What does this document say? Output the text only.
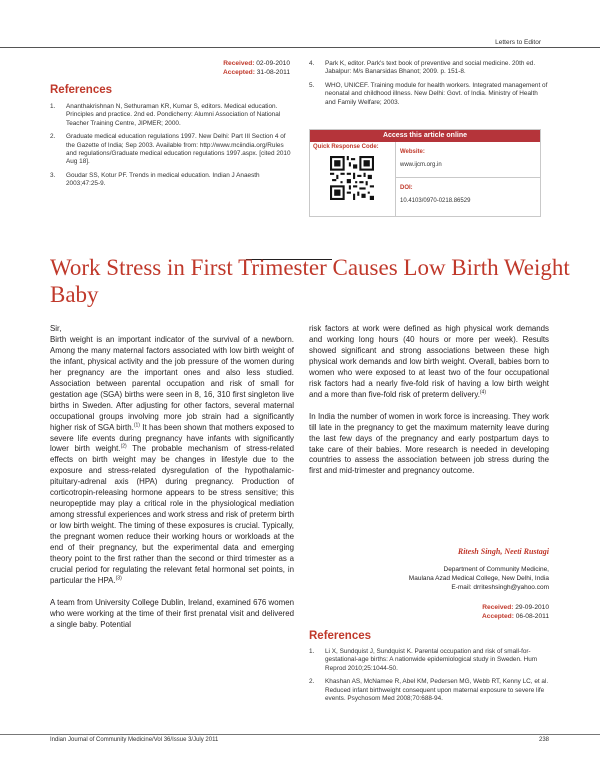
Letters to Editor
Received: 02-09-2010
Accepted: 31-08-2011
References
1. Ananthakrishnan N, Sethuraman KR, Kumar S, editors. Medical education. Principles and practice. 2nd ed. Pondicherry: Alumni Association of National Teacher Training Centre, JIPMER; 2000.
2. Graduate medical education regulations 1997. New Delhi: Part III Section 4 of the Gazette of India; Sep 2003. Available from: http://www.mciindia.org/Rules and regulations/Graduate medical education regulations 1997.aspx. [cited 2010 Aug 18].
3. Goudar SS, Kotur PF. Trends in medical education. Indian J Anaesth 2003;47:25-9.
4. Park K, editor. Park's text book of preventive and social medicine. 20th ed. Jabalpur: M/s Banarsidas Bhanot; 2009. p. 151-8.
5. WHO, UNICEF. Training module for health workers. Integrated management of neonatal and childhood illness. New Delhi: Govt. of India. Ministry of Health and Family Welfare; 2003.
Access this article online
Quick Response Code:
Website:
www.ijcm.org.in
DOI:
10.4103/0970-0218.86529
Work Stress in First Trimester Causes Low Birth Weight Baby

Sir,

Birth weight is an important indicator of the survival of a newborn. Among the many maternal factors associated with low birth weight of the infant, physical activity and the job pressure of the women during her pregnancy are the important ones and also less studied. Association between parental occupation and risk of small for gestation age (SGA) births were seen in 8, 16, 310 first singleton live births in Sweden. After adjusting for other factors, several maternal occupational groups involving more job strain had a significantly higher risk of SGA birth.$^{(1)}$ It has been shown that mothers exposed to severe life events during pregnancy have infants with significantly lower birth weight.$^{(2)}$ The probable mechanism of stress-related effects on birth weight may be changes in lifestyle due to the exposure and stress-related dysregulation of the hypothalamic-pituitary-adrenal axis (HPA) during pregnancy. Production of corticotropin-releasing hormone appears to be stress sensitive; this neuropeptide may play a critical role in the physiological mediation among stressful experiences and work stress and risk of preterm birth or low birth weight. The timing of these exposures is crucial. Typically, the pregnant women reduce their working hours or workloads at the end of their pregnancy, but the experimental data and emerging theory point to the first rather than the second or third trimester as a crucial period for regulating the relevant fetal hormonal set points, in particular the HPA.$^{(3)}$

A team from University College Dublin, Ireland, examined 676 women who were working at the time of their first prenatal visit and delivered a single baby. Potential

risk factors at work were defined as high physical work demands and working long hours (40 hours or more per week). Results showed significant and strong associations between these high physical work demands and low birth weight. Overall, babies born to women who were exposed to at least two of the four occupational risk factors had a nearly five-fold risk of having a low birth weight and a more than five-fold risk of preterm delivery.$^{(4)}$

In India the number of women in work force is increasing. They work till late in the pregnancy to get the maximum maternity leave during the last few days of the pregnancy and early postpartum days to take care of their babies. More research is needed in developing countries to assess the association between job stress during the first and mid-trimester and pregnancy outcome.

Ritesh Singh, Neeti Rustagi
Department of Community Medicine,
Maulana Azad Medical College, New Delhi, India
E-mail: drriteshsingh@yahoo.com
Received: 29-09-2010
Accepted: 06-08-2011
References
1. Li X, Sundquist J, Sundquist K. Parental occupation and risk of small-for-gestational-age births: A nationwide epidemiological study in Sweden. Hum Reprod 2010;25:1044-50.
2. Khashan AS, McNamee R, Abel KM, Pedersen MG, Webb RT, Kenny LC, et al. Reduced infant birthweight consequent upon maternal exposure to severe life events. Psychosom Med 2008;70:688-94.
Indian Journal of Community Medicine/Vol 36/Issue 3/July 2011	238
